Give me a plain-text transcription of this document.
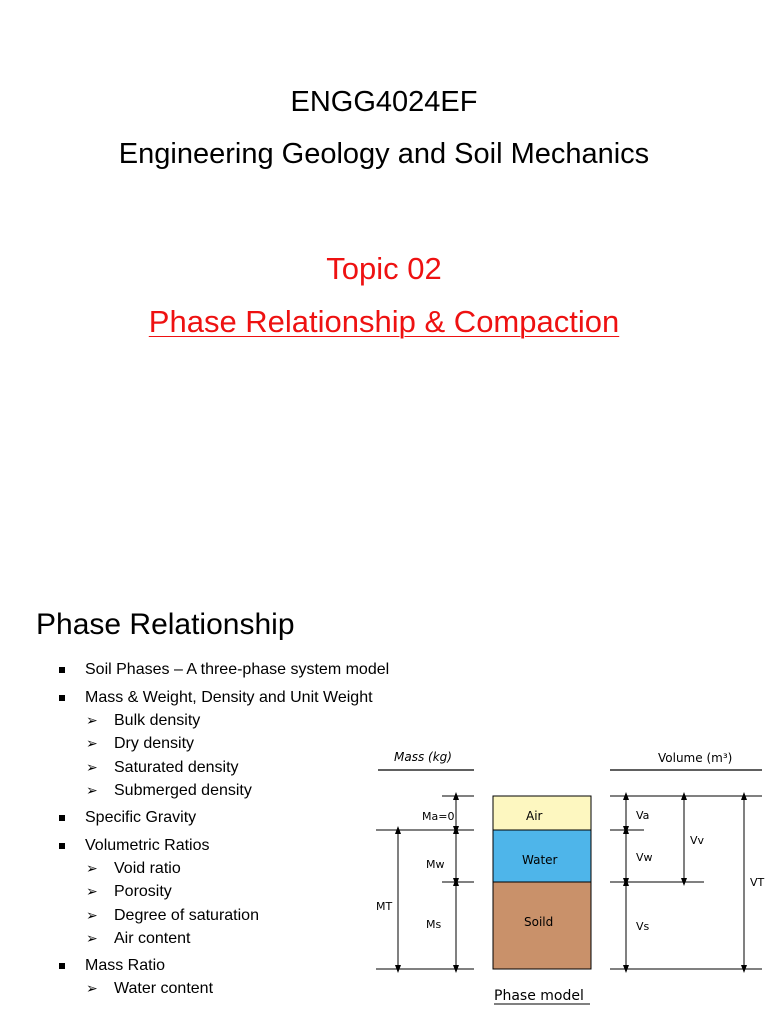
ENGG4024EF
Engineering Geology and Soil Mechanics
Topic 02
Phase Relationship & Compaction
Phase Relationship
Soil Phases – A three-phase system model
Mass & Weight, Density and Unit Weight
➢ Bulk density
➢ Dry density
➢ Saturated density
➢ Submerged density
Specific Gravity
Volumetric Ratios
➢ Void ratio
➢ Porosity
➢ Degree of saturation
➢ Air content
Mass Ratio
➢ Water content
Mass (kg)	Volume (m³)
Air
Water
Soild
Ma=0
Mw
Ms
MT
Va
Vw
Vs
Vv
VT
Phase model
